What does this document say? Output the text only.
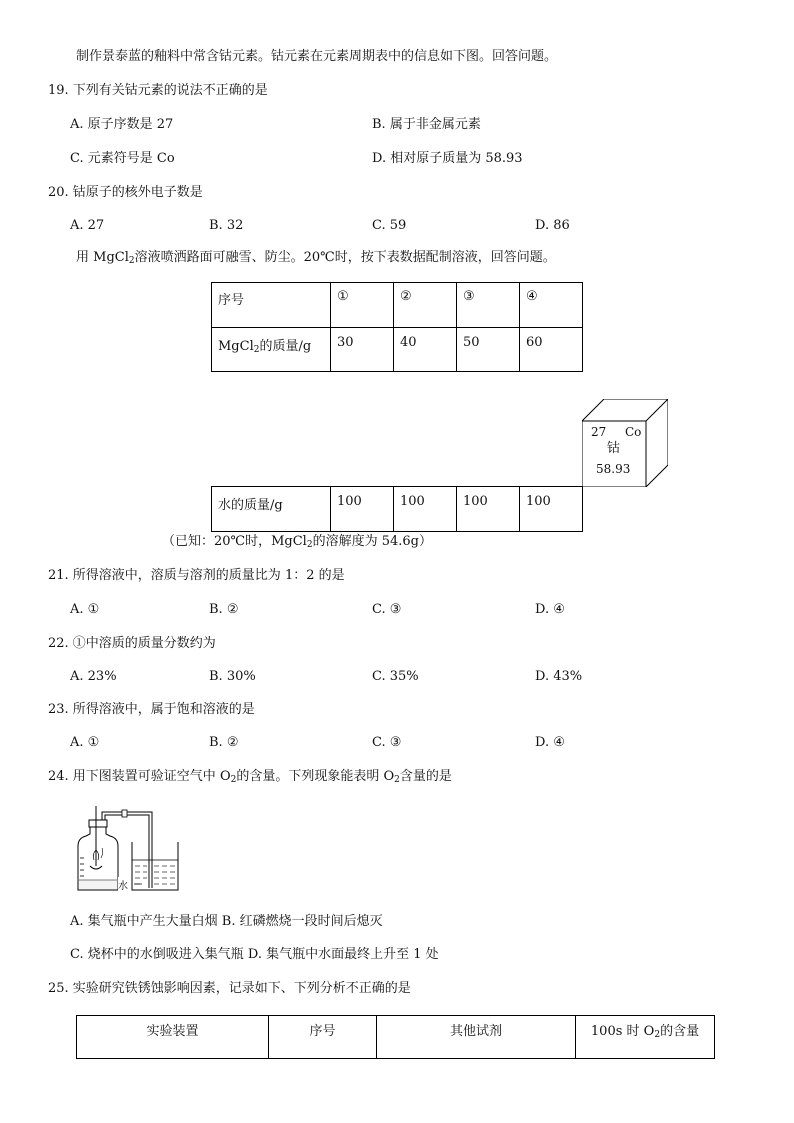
制作景泰蓝的釉料中常含钴元素。钴元素在元素周期表中的信息如下图。回答问题。
19. 下列有关钴元素的说法不正确的是
A. 原子序数是 27	B. 属于非金属元素
C. 元素符号是 Co	D. 相对原子质量为 58.93
20. 钴原子的核外电子数是
A. 27	B. 32	C. 59	D. 86
用 MgCl$_2$溶液喷洒路面可融雪、防尘。20℃时，按下表数据配制溶液，回答问题。
序号	①	②	③	④
MgCl$_2$的质量/g	30	40	50	60
27 Co
钴
58.93
水的质量/g	100	100	100	100
（已知：20℃时，MgCl$_2$的溶解度为 54.6g）
21. 所得溶液中，溶质与溶剂的质量比为 1：2 的是
A. ①	B. ②	C. ③	D. ④
22. ①中溶质的质量分数约为
A. 23%	B. 30%	C. 35%	D. 43%
23. 所得溶液中，属于饱和溶液的是
A. ①	B. ②	C. ③	D. ④
24. 用下图装置可验证空气中 $O_2$的含量。下列现象能表明 $O_2$含量的是
水
A. 集气瓶中产生大量白烟 B. 红磷燃烧一段时间后熄灭
C. 烧杯中的水倒吸进入集气瓶 D. 集气瓶中水面最终上升至 1 处
25. 实验研究铁锈蚀影响因素，记录如下、下列分析不正确的是
实验装置	序号	其他试剂	100s 时 $O_2$的含量
